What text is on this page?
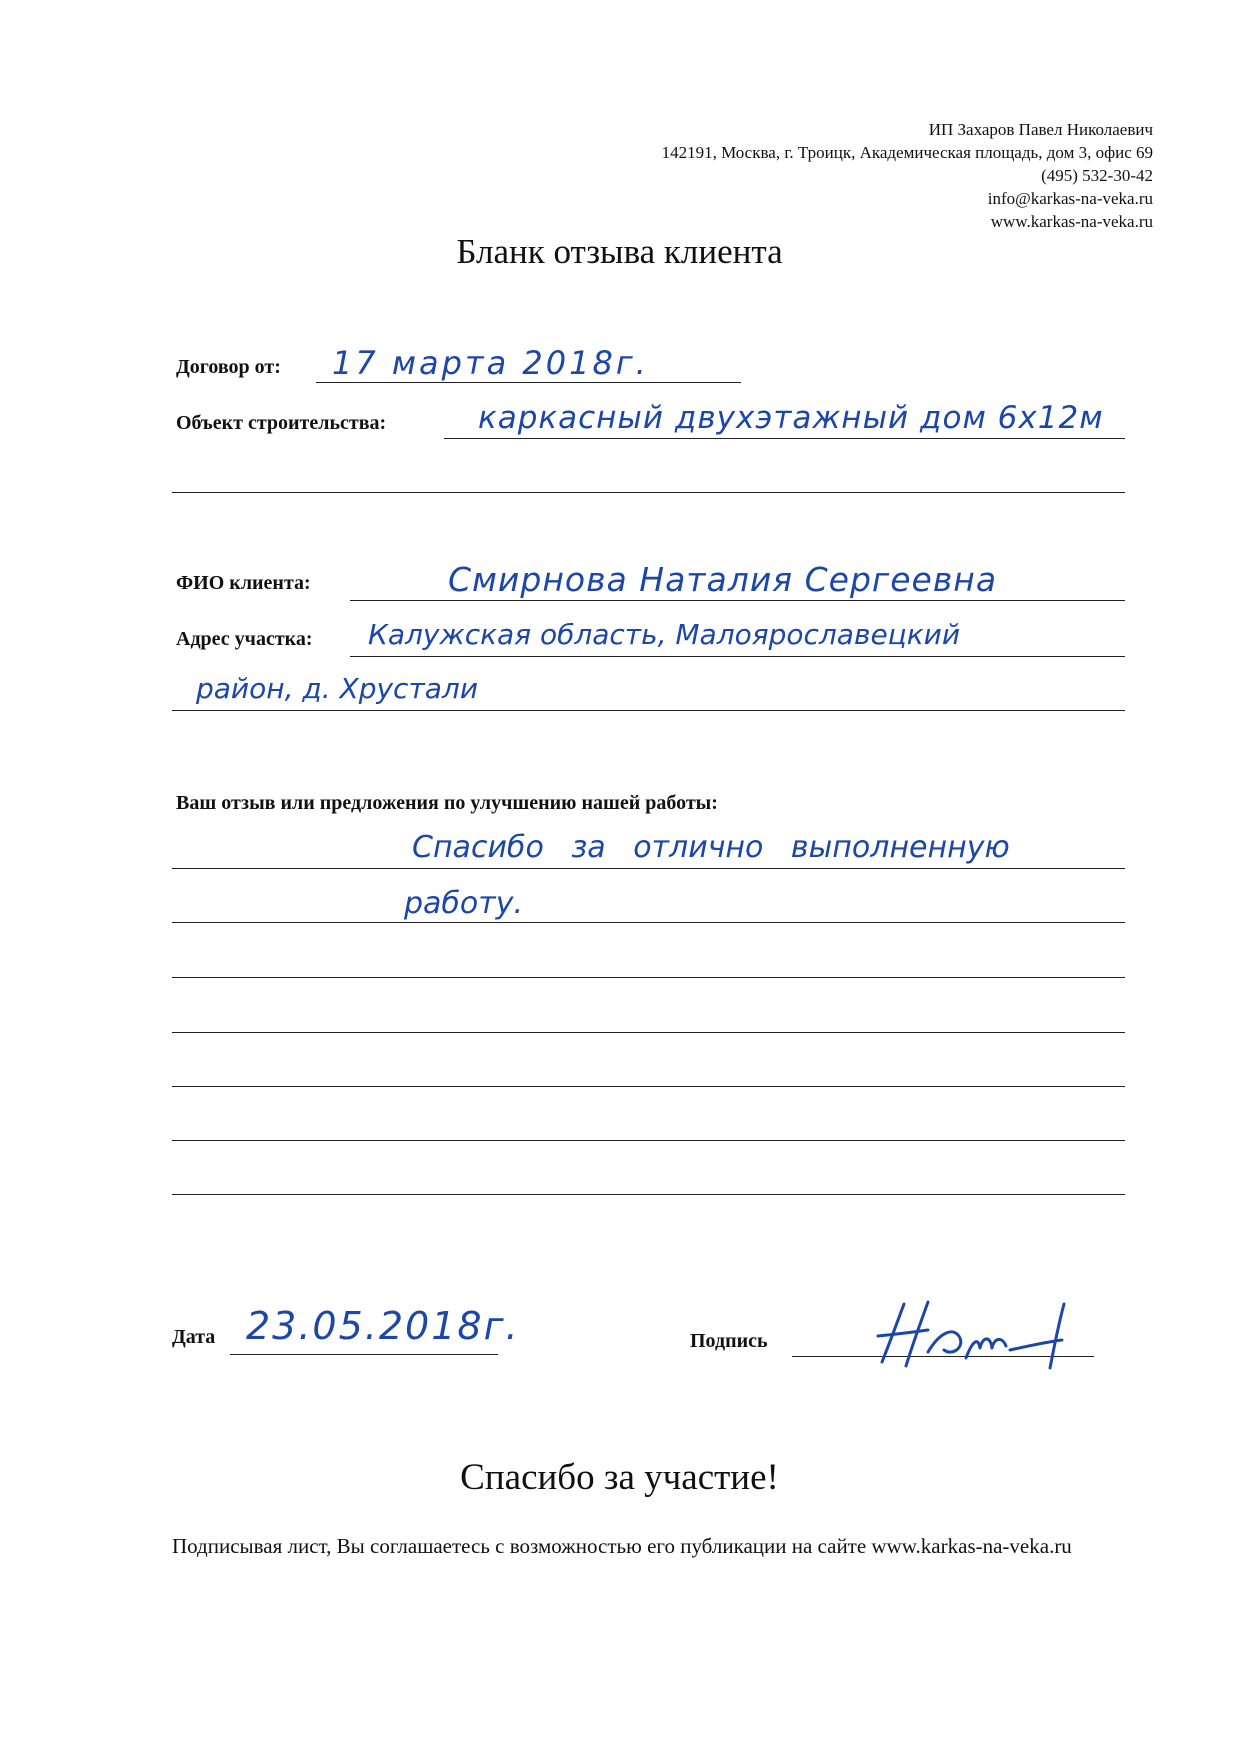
ИП Захаров Павел Николаевич
142191, Москва, г. Троицк, Академическая площадь, дом 3, офис 69
(495) 532-30-42
info@karkas-na-veka.ru
www.karkas-na-veka.ru
Бланк отзыва клиента
Договор от: 17 марта 2018г.
Объект строительства:	каркасный двухэтажный дом 6х12м
ФИО клиента:	Смирнова Наталия Сергеевна
Адрес участка: Калужская область, Малоярославецкий
район, д. Хрустали
Ваш отзыв или предложения по улучшению нашей работы:
Спасибо за отлично выполненную
работу.
Дата 23.05.2018г.	Подпись
Спасибо за участие!
Подписывая лист, Вы соглашаетесь с возможностью его публикации на сайте www.karkas-na-veka.ru
